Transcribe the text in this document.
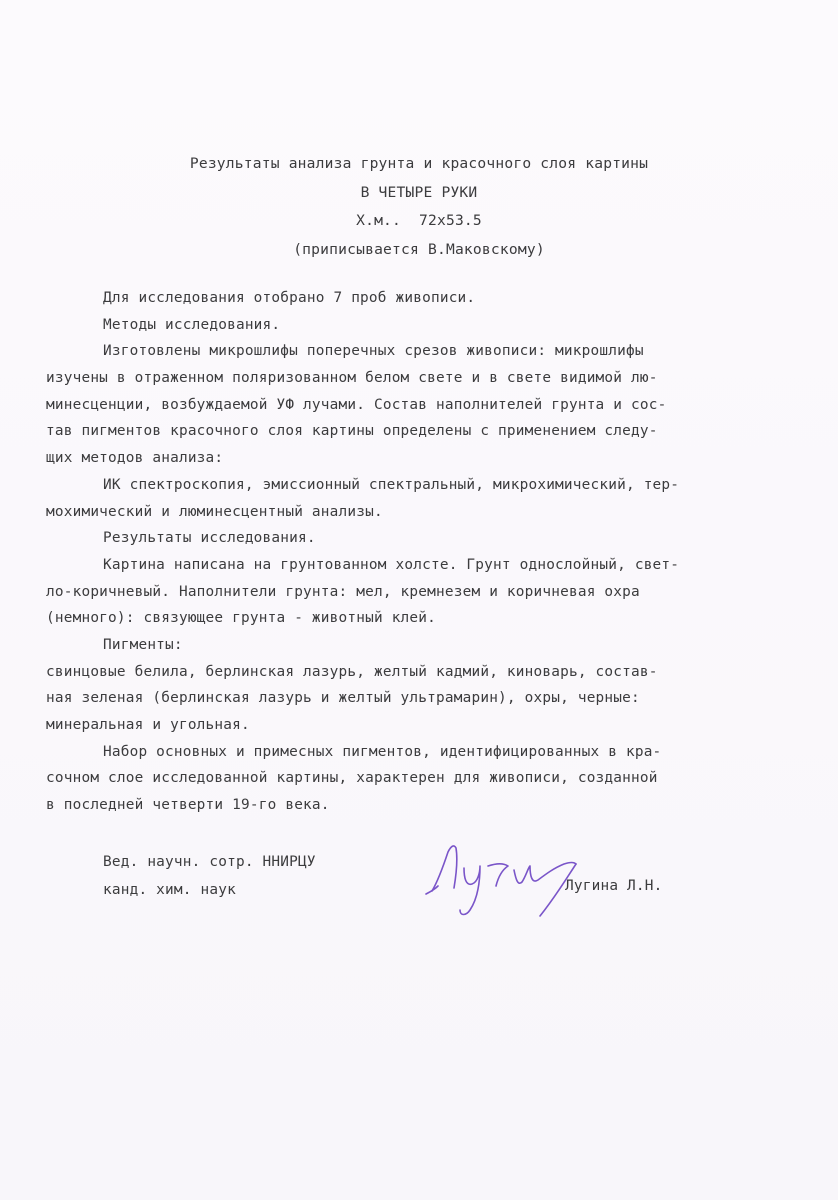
Результаты анализа грунта и красочного слоя картины
В ЧЕТЫРЕ РУКИ
Х.м..  72х53.5
(приписывается В.Маковскому)
Для исследования отобрано 7 проб живописи.
Методы исследования.
Изготовлены микрошлифы поперечных срезов живописи: микрошлифы
изучены в отраженном поляризованном белом свете и в свете видимой лю-
минесценции, возбуждаемой УФ лучами. Состав наполнителей грунта и сос-
тав пигментов красочного слоя картины определены с применением следу-
щих методов анализа:
ИК спектроскопия, эмиссионный спектральный, микрохимический, тер-
мохимический и люминесцентный анализы.
Результаты исследования.
Картина написана на грунтованном холсте. Грунт однослойный, свет-
ло-коричневый. Наполнители грунта: мел, кремнезем и коричневая охра
(немного): связующее грунта - животный клей.
Пигменты:
свинцовые белила, берлинская лазурь, желтый кадмий, киноварь, состав-
ная зеленая (берлинская лазурь и желтый ультрамарин), охры, черные:
минеральная и угольная.
Набор основных и примесных пигментов, идентифицированных в кра-
сочном слое исследованной картины, характерен для живописи, созданной
в последней четверти 19-го века.
Вед. научн. сотр. ННИРЦУ
канд. хим. наук	Лугина Л.Н.
